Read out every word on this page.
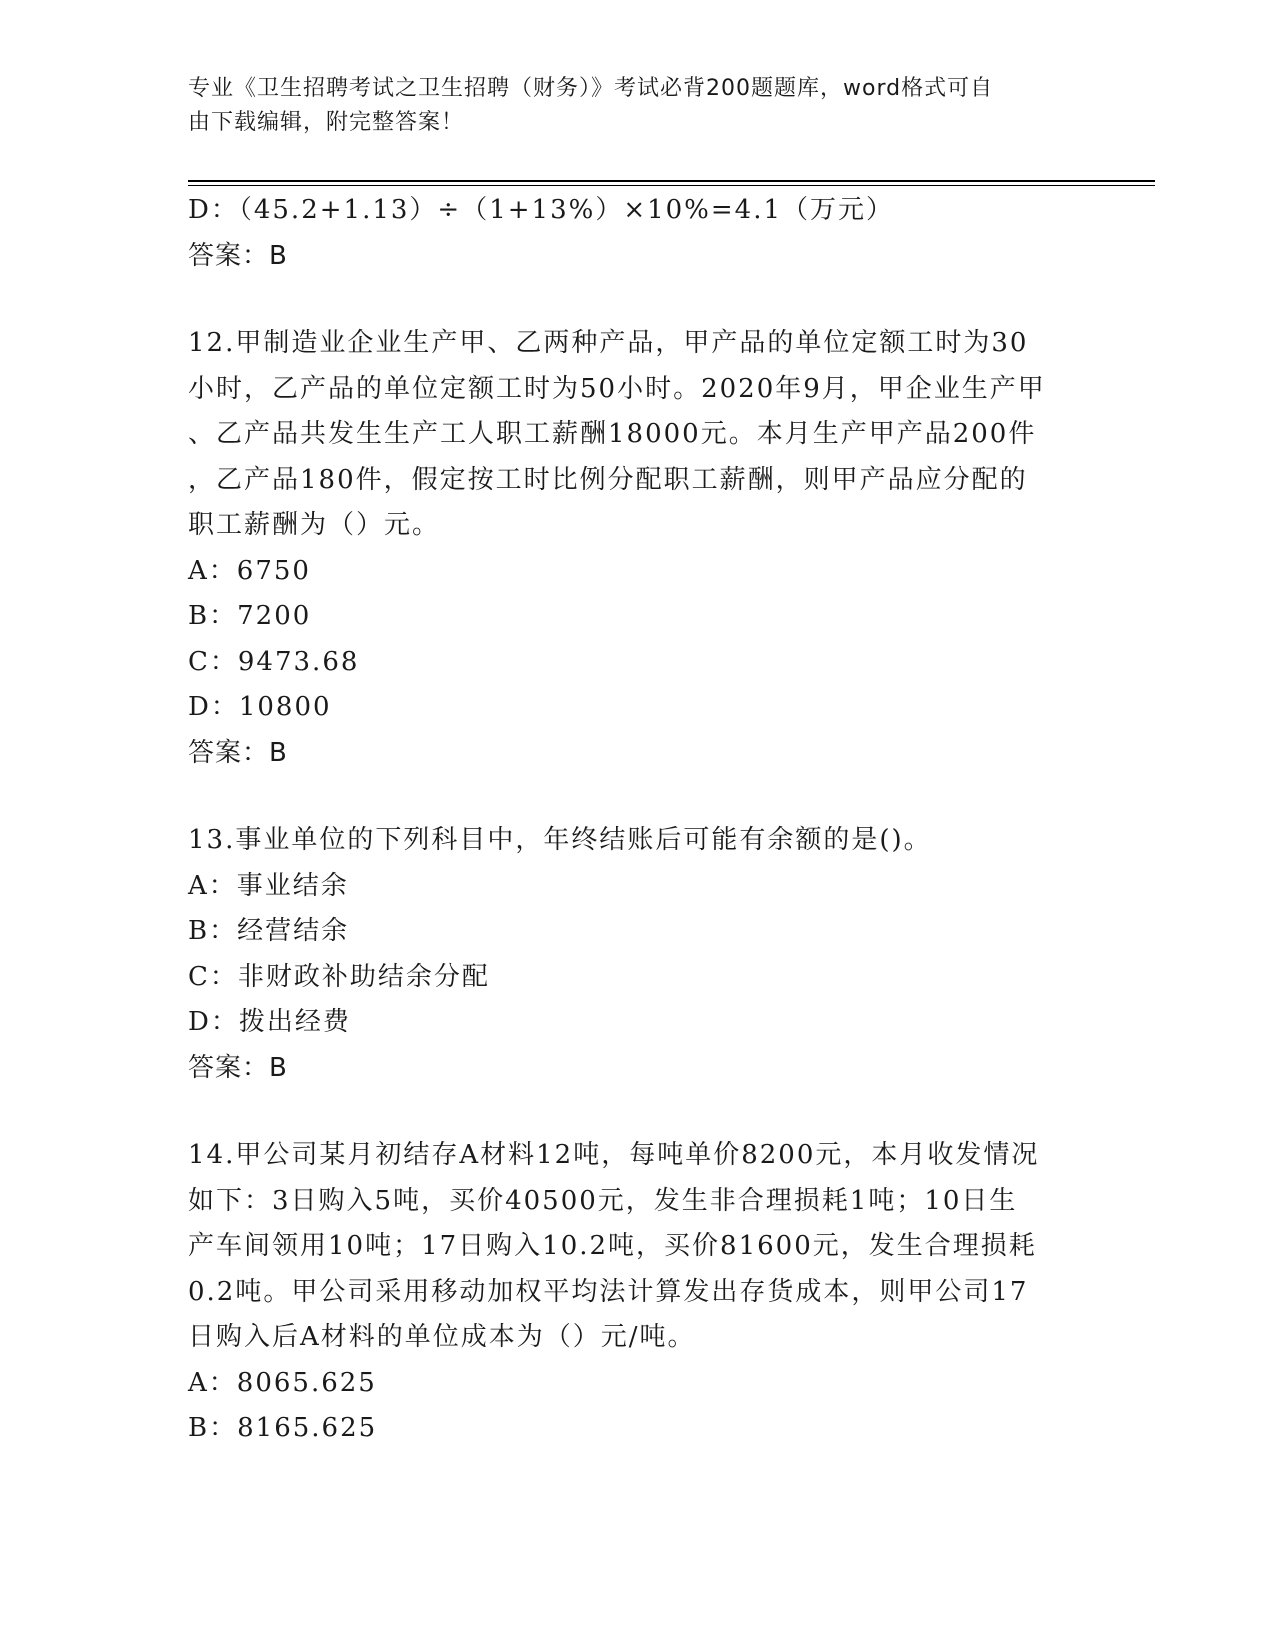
专业《卫生招聘考试之卫生招聘（财务）》考试必背200题题库，word格式可自
由下载编辑，附完整答案！
D：（45.2+1.13）÷（1+13%）×10%=4.1（万元）
答案：B
12.甲制造业企业生产甲、乙两种产品，甲产品的单位定额工时为30
小时，乙产品的单位定额工时为50小时。2020年9月，甲企业生产甲
、乙产品共发生生产工人职工薪酬18000元。本月生产甲产品200件
，乙产品180件，假定按工时比例分配职工薪酬，则甲产品应分配的
职工薪酬为（）元。
A：6750
B：7200
C：9473.68
D：10800
答案：B
13.事业单位的下列科目中，年终结账后可能有余额的是()。
A：事业结余
B：经营结余
C：非财政补助结余分配
D：拨出经费
答案：B
14.甲公司某月初结存A材料12吨，每吨单价8200元，本月收发情况
如下：3日购入5吨，买价40500元，发生非合理损耗1吨；10日生
产车间领用10吨；17日购入10.2吨，买价81600元，发生合理损耗
0.2吨。甲公司采用移动加权平均法计算发出存货成本，则甲公司17
日购入后A材料的单位成本为（）元/吨。
A：8065.625
B：8165.625
